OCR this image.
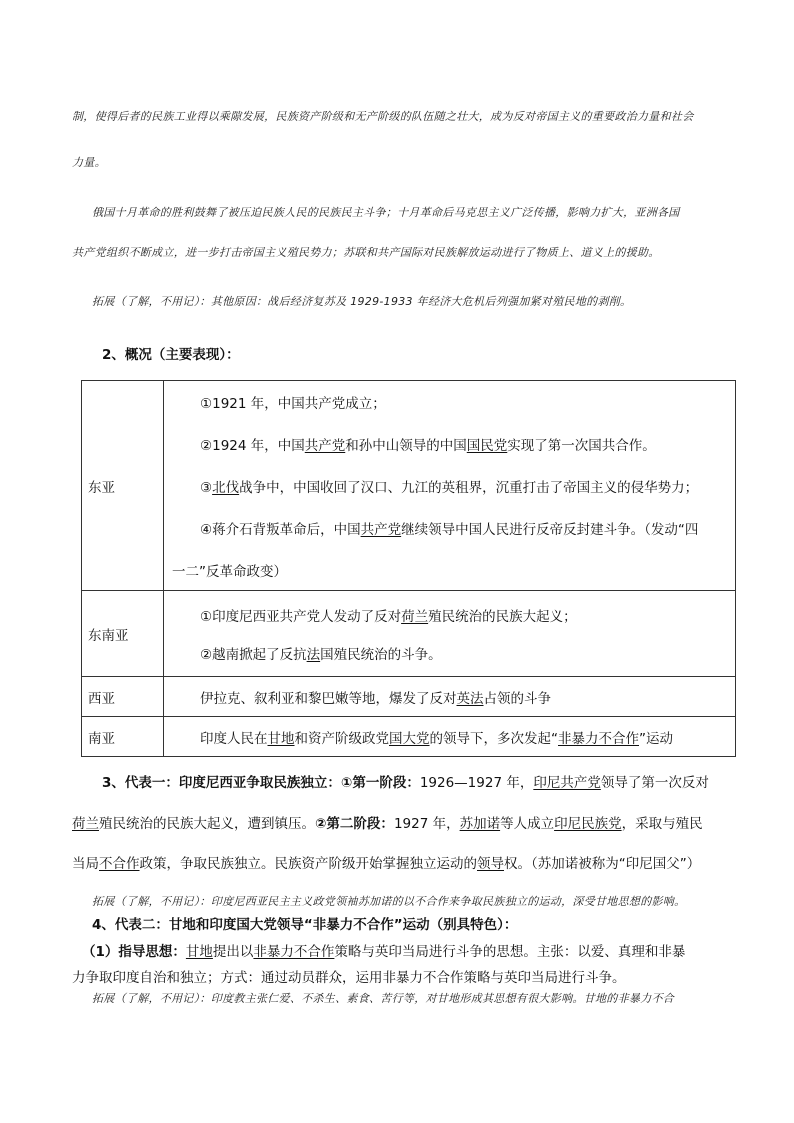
制，使得后者的民族工业得以乘隙发展，民族资产阶级和无产阶级的队伍随之壮大，成为反对帝国主义的重要政治力量和社会

力量。

俄国十月革命的胜利鼓舞了被压迫民族人民的民族民主斗争；十月革命后马克思主义广泛传播，影响力扩大，亚洲各国

共产党组织不断成立，进一步打击帝国主义殖民势力；苏联和共产国际对民族解放运动进行了物质上、道义上的援助。

拓展（了解，不用记）：其他原因：战后经济复苏及 1929-1933 年经济大危机后列强加紧对殖民地的剥削。

2、概况（主要表现）：

东亚	①1921 年，中国共产党成立；
②1924 年，中国共产党和孙中山领导的中国国民党实现了第一次国共合作。
③北伐战争中，中国收回了汉口、九江的英租界，沉重打击了帝国主义的侵华势力；
④蒋介石背叛革命后，中国共产党继续领导中国人民进行反帝反封建斗争。（发动“四
一二”反革命政变）

东南亚	①印度尼西亚共产党人发动了反对荷兰殖民统治的民族大起义；
②越南掀起了反抗法国殖民统治的斗争。

西亚	伊拉克、叙利亚和黎巴嫩等地，爆发了反对英法占领的斗争

南亚	印度人民在甘地和资产阶级政党国大党的领导下，多次发起“非暴力不合作”运动

3、代表一：印度尼西亚争取民族独立：①第一阶段：1926—1927 年，印尼共产党领导了第一次反对

荷兰殖民统治的民族大起义，遭到镇压。②第二阶段：1927 年，苏加诺等人成立印尼民族党，采取与殖民

当局不合作政策，争取民族独立。民族资产阶级开始掌握独立运动的领导权。（苏加诺被称为“印尼国父”）

拓展（了解，不用记）：印度尼西亚民主主义政党领袖苏加诺的以不合作来争取民族独立的运动，深受甘地思想的影响。

4、代表二：甘地和印度国大党领导“非暴力不合作”运动（别具特色）：

（1）指导思想：甘地提出以非暴力不合作策略与英印当局进行斗争的思想。主张：以爱、真理和非暴

力争取印度自治和独立；方式：通过动员群众，运用非暴力不合作策略与英印当局进行斗争。

拓展（了解，不用记）：印度教主张仁爱、不杀生、素食、苦行等，对甘地形成其思想有很大影响。甘地的非暴力不合
